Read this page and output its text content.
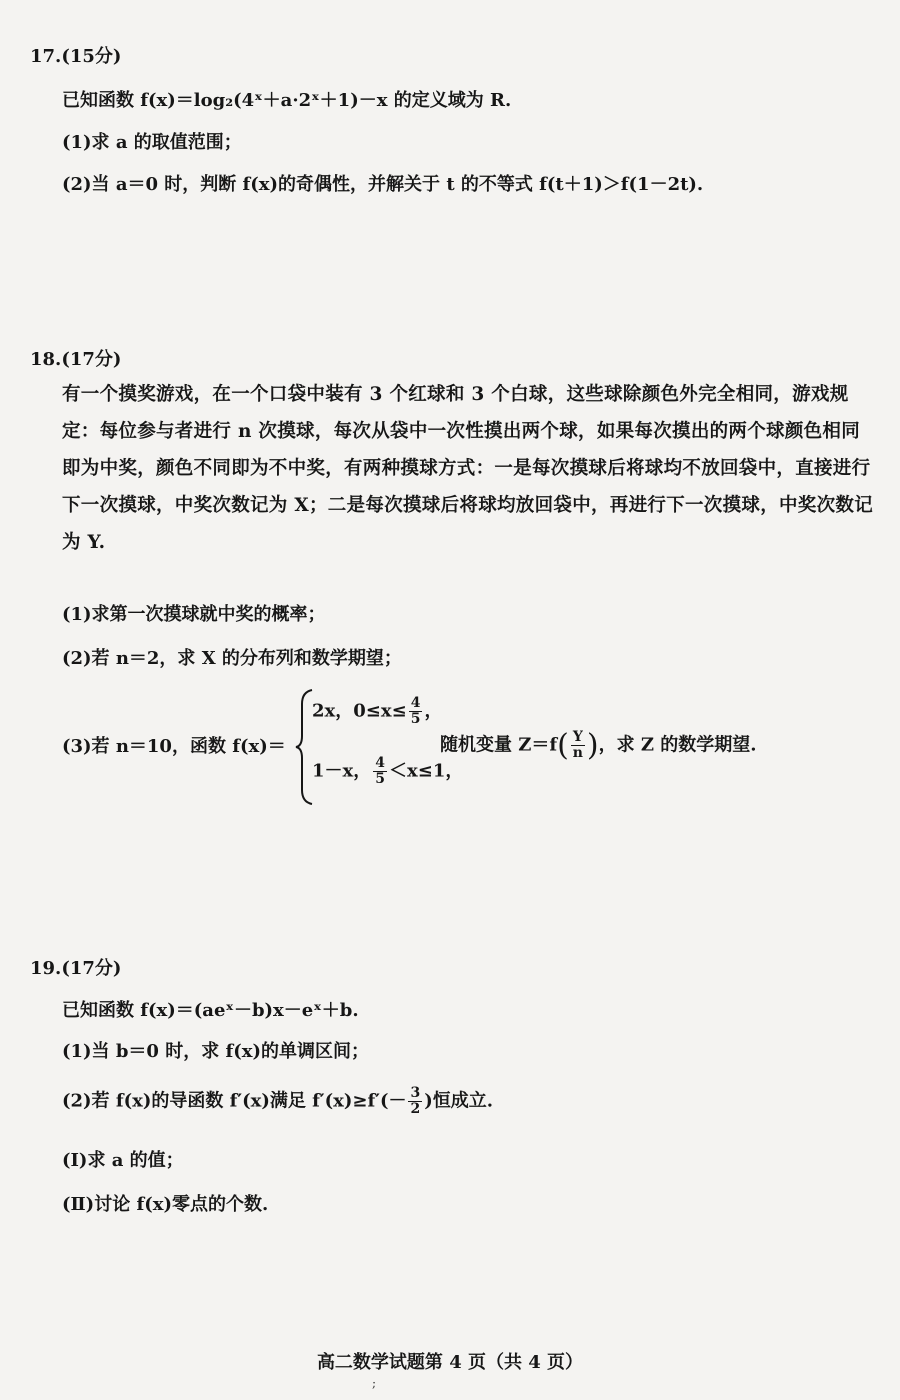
17.(15分)
已知函数 f(x)＝log₂(4ˣ＋a·2ˣ＋1)－x 的定义域为 R.
(1)求 a 的取值范围；
(2)当 a＝0 时，判断 f(x)的奇偶性，并解关于 t 的不等式 f(t＋1)＞f(1－2t).
18.(17分)
有一个摸奖游戏，在一个口袋中装有 3 个红球和 3 个白球，这些球除颜色外完全相同，游戏规定：每位参与者进行 n 次摸球，每次从袋中一次性摸出两个球，如果每次摸出的两个球颜色相同即为中奖，颜色不同即为不中奖，有两种摸球方式：一是每次摸球后将球均不放回袋中，直接进行下一次摸球，中奖次数记为 X；二是每次摸球后将球均放回袋中，再进行下一次摸球，中奖次数记为 Y.
(1)求第一次摸球就中奖的概率；
(2)若 n＝2，求 X 的分布列和数学期望；
(3)若 n＝10，函数 f(x)＝
2x，$0\le x\le \frac{4}{5}$ ，
1－x， $\frac{4}{5} <x\le 1$，
随机变量 $Z=f( \frac{Y}{n}$ )，求 Z 的数学期望.
19.(17分)
已知函数 f(x)＝(aeˣ－b)x－eˣ＋b.
(1)当 b＝0 时，求 f(x)的单调区间；
(2)若 f(x)的导函数 f′(x)满足 $f'(x)\ge f'(- \frac{3}{2}$ )恒成立.
(Ⅰ)求 a 的值；
(Ⅱ)讨论 f(x)零点的个数.
高二数学试题第 4 页（共 4 页）
;
